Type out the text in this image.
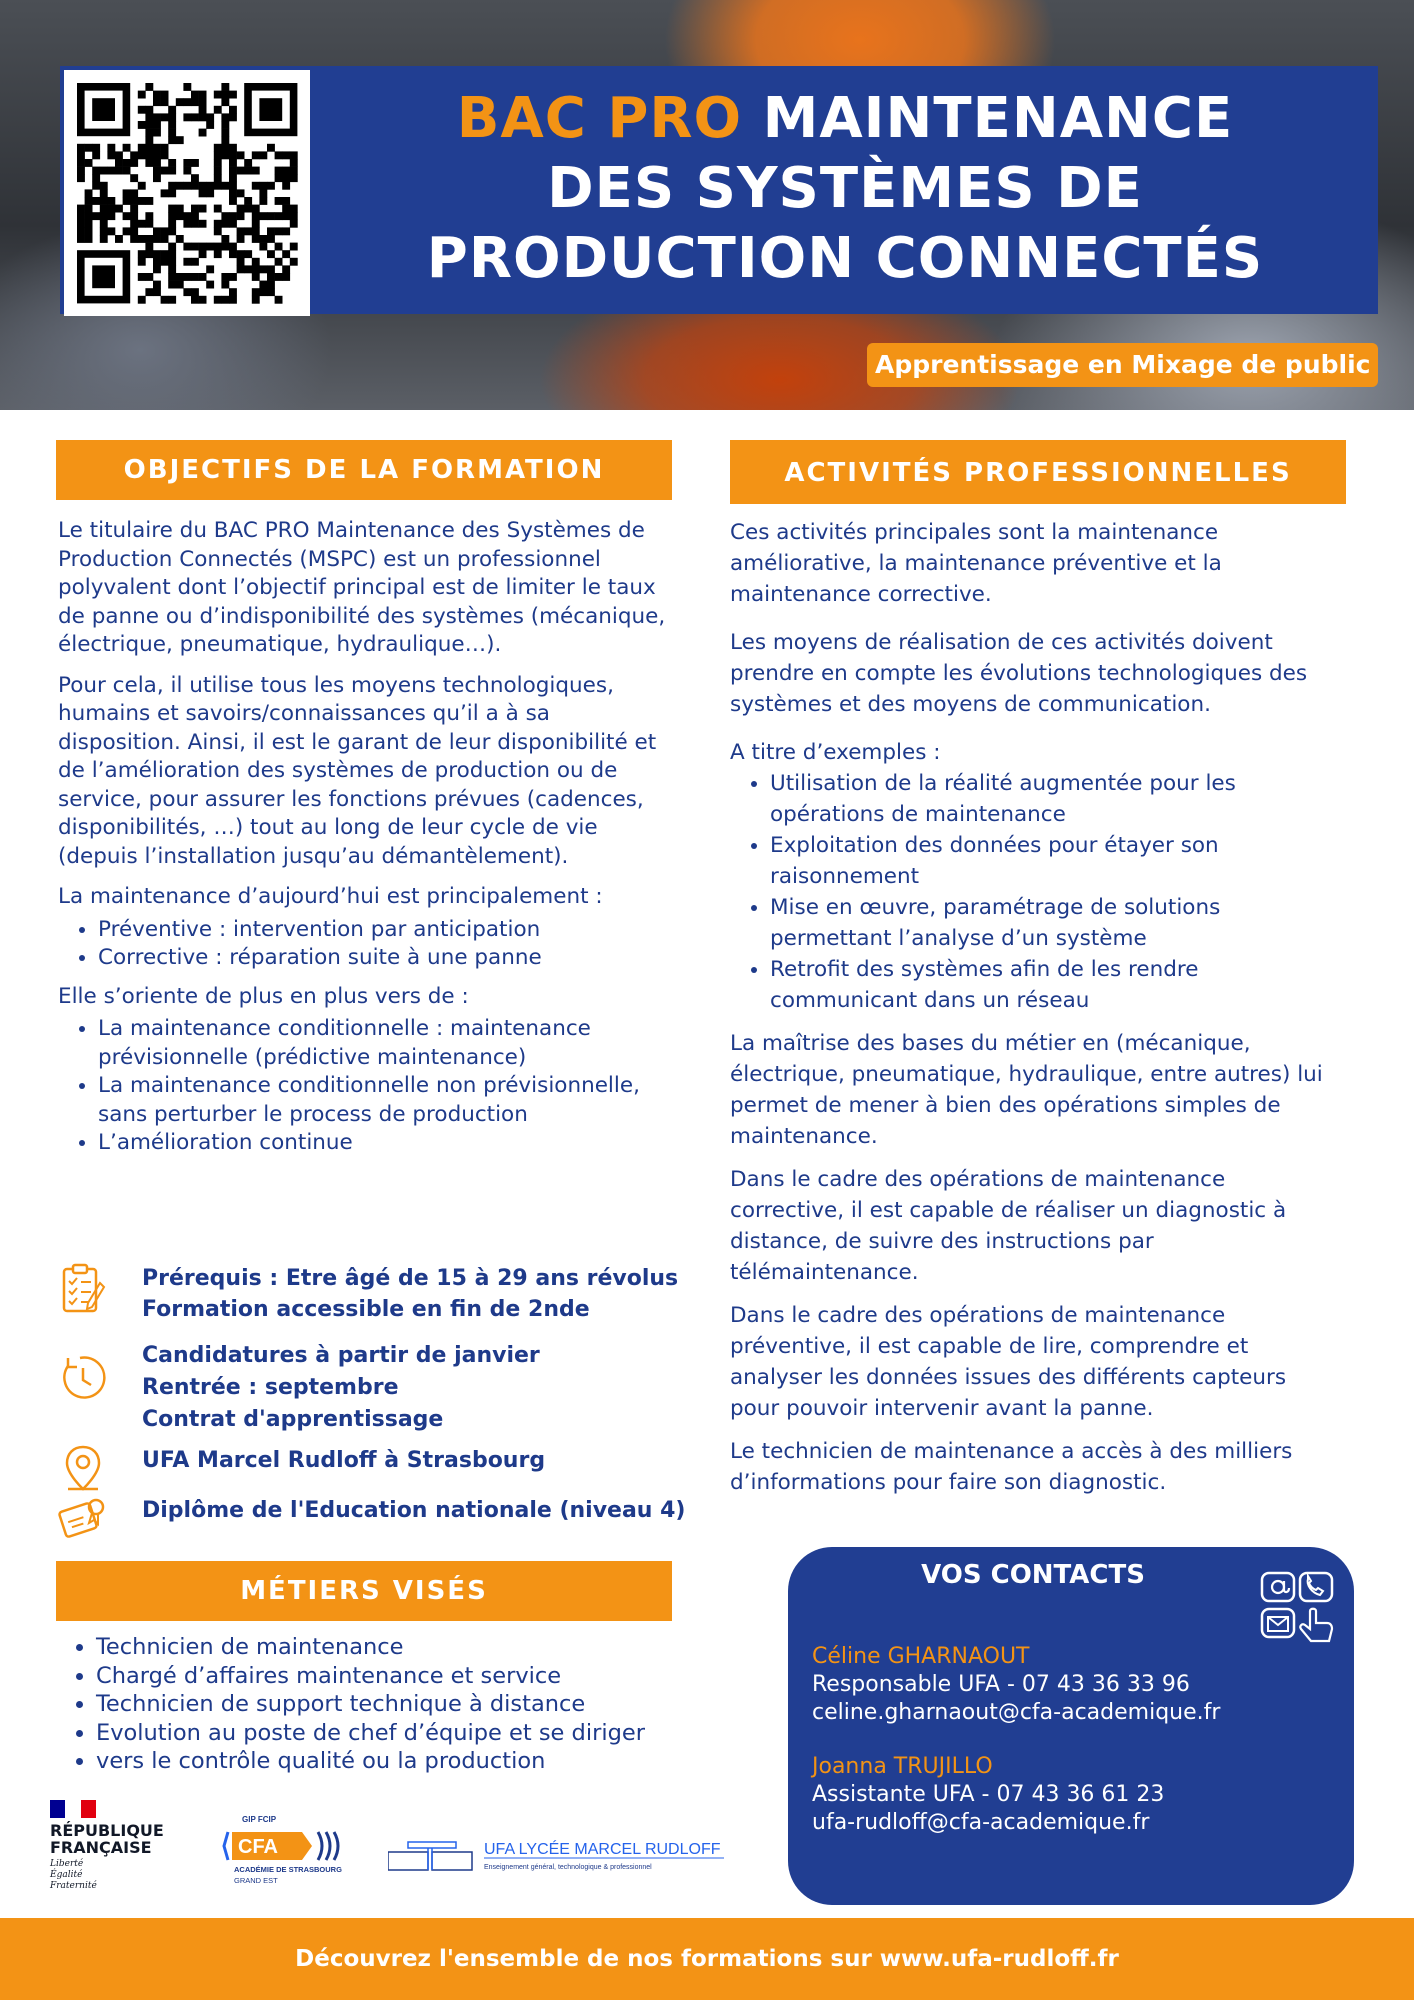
BAC PRO MAINTENANCE
DES SYSTÈMES DE
PRODUCTION CONNECTÉS
Apprentissage en Mixage de public
OBJECTIFS DE LA FORMATION

Le titulaire du BAC PRO Maintenance des Systèmes de Production Connectés (MSPC) est un professionnel polyvalent dont l’objectif principal est de limiter le taux de panne ou d’indisponibilité des systèmes (mécanique, électrique, pneumatique, hydraulique…).

Pour cela, il utilise tous les moyens technologiques, humains et savoirs/connaissances qu’il a à sa disposition. Ainsi, il est le garant de leur disponibilité et de l’amélioration des systèmes de production ou de service, pour assurer les fonctions prévues (cadences, disponibilités, …) tout au long de leur cycle de vie (depuis l’installation jusqu’au démantèlement).

La maintenance d’aujourd’hui est principalement :

• Préventive : intervention par anticipation
• Corrective : réparation suite à une panne

Elle s’oriente de plus en plus vers de :

• La maintenance conditionnelle : maintenance prévisionnelle (prédictive maintenance)
• La maintenance conditionnelle non prévisionnelle, sans perturber le process de production
• L’amélioration continue
Prérequis : Etre âgé de 15 à 29 ans révolus
Formation accessible en fin de 2nde
Candidatures à partir de janvier
Rentrée : septembre
Contrat d'apprentissage
UFA Marcel Rudloff à Strasbourg
Diplôme de l'Education nationale (niveau 4)
MÉTIERS VISÉS
• Technicien de maintenance
• Chargé d’affaires maintenance et service
• Technicien de support technique à distance
• Evolution au poste de chef d’équipe et se diriger
• vers le contrôle qualité ou la production
ACTIVITÉS PROFESSIONNELLES

Ces activités principales sont la maintenance améliorative, la maintenance préventive et la maintenance corrective.

Les moyens de réalisation de ces activités doivent prendre en compte les évolutions technologiques des systèmes et des moyens de communication.

A titre d’exemples :

• Utilisation de la réalité augmentée pour les opérations de maintenance
• Exploitation des données pour étayer son raisonnement
• Mise en œuvre, paramétrage de solutions permettant l’analyse d’un système
• Retrofit des systèmes afin de les rendre communicant dans un réseau

La maîtrise des bases du métier en (mécanique, électrique, pneumatique, hydraulique, entre autres) lui permet de mener à bien des opérations simples de maintenance.

Dans le cadre des opérations de maintenance corrective, il est capable de réaliser un diagnostic à distance, de suivre des instructions par télémaintenance.

Dans le cadre des opérations de maintenance préventive, il est capable de lire, comprendre et analyser les données issues des différents capteurs pour pouvoir intervenir avant la panne.

Le technicien de maintenance a accès à des milliers d’informations pour faire son diagnostic.

VOS CONTACTS
Céline GHARNAOUT
Responsable UFA - 07 43 36 33 96
celine.gharnaout@cfa-academique.fr
Joanna TRUJILLO
Assistante UFA - 07 43 36 61 23
ufa-rudloff@cfa-academique.fr
RÉPUBLIQUE
FRANÇAISE
Liberté
Égalité
Fraternité
GIP FCIP
CFA
ACADÉMIE DE STRASBOURG
GRAND EST
UFA LYCÉE MARCEL RUDLOFF
Enseignement général, technologique & professionnel
Découvrez l'ensemble de nos formations sur www.ufa-rudloff.fr
